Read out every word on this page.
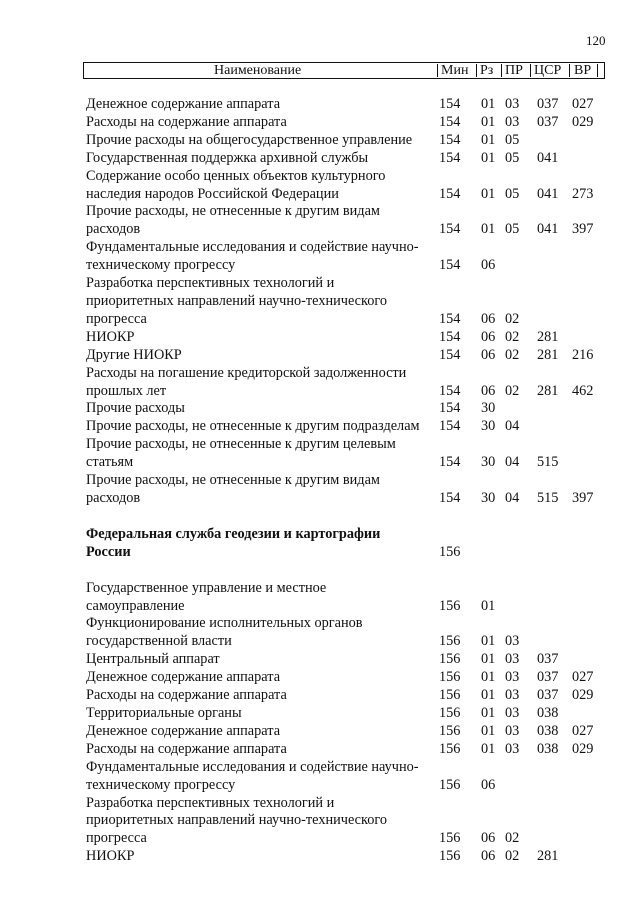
120
Наименование	Мин Рз ПР ЦСР ВР
Денежное содержание аппарата	154 01 03 037 027
Расходы на содержание аппарата	154 01 03 037 029
Прочие расходы на общегосударственное управление	154 01 05
Государственная поддержка архивной службы	154 01 05 041
Содержание особо ценных объектов культурного
наследия народов Российской Федерации	154 01 05 041 273
Прочие расходы, не отнесенные к другим видам
расходов	154 01 05 041 397
Фундаментальные исследования и содействие научно-
техническому прогрессу	154 06
Разработка перспективных технологий и
приоритетных направлений научно-технического
прогресса	154 06 02
НИОКР	154 06 02 281
Другие НИОКР	154 06 02 281 216
Расходы на погашение кредиторской задолженности
прошлых лет	154 06 02 281 462
Прочие расходы	154 30
Прочие расходы, не отнесенные к другим подразделам	154 30 04
Прочие расходы, не отнесенные к другим целевым
статьям	154 30 04 515
Прочие расходы, не отнесенные к другим видам
расходов	154 30 04 515 397
Федеральная служба геодезии и картографии
России	156
Государственное управление и местное
самоуправление	156 01
Функционирование исполнительных органов
государственной власти	156 01 03
Центральный аппарат	156 01 03 037
Денежное содержание аппарата	156 01 03 037 027
Расходы на содержание аппарата	156 01 03 037 029
Территориальные органы	156 01 03 038
Денежное содержание аппарата	156 01 03 038 027
Расходы на содержание аппарата	156 01 03 038 029
Фундаментальные исследования и содействие научно-
техническому прогрессу	156 06
Разработка перспективных технологий и
приоритетных направлений научно-технического
прогресса	156 06 02
НИОКР	156 06 02 281
